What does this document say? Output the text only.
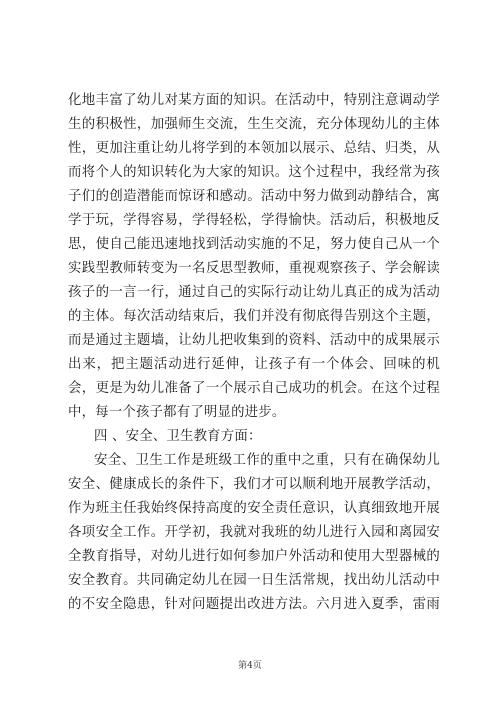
化地丰富了幼儿对某方面的知识。在活动中，特别注意调动学
生的积极性，加强师生交流，生生交流，充分体现幼儿的主体
性，更加注重让幼儿将学到的本领加以展示、总结、归类，从
而将个人的知识转化为大家的知识。这个过程中，我经常为孩
子们的创造潜能而惊讶和感动。活动中努力做到动静结合，寓
学于玩，学得容易，学得轻松，学得愉快。活动后，积极地反
思，使自己能迅速地找到活动实施的不足，努力使自己从一个
实践型教师转变为一名反思型教师，重视观察孩子、学会解读
孩子的一言一行，通过自己的实际行动让幼儿真正的成为活动
的主体。每次活动结束后，我们并没有彻底得告别这个主题，
而是通过主题墙，让幼儿把收集到的资料、活动中的成果展示
出来，把主题活动进行延伸，让孩子有一个体会、回味的机
会，更是为幼儿准备了一个展示自己成功的机会。在这个过程
中，每一个孩子都有了明显的进步。
四 、安全、卫生教育方面：
安全、卫生工作是班级工作的重中之重，只有在确保幼儿
安全、健康成长的条件下，我们才可以顺利地开展教学活动，
作为班主任我始终保持高度的安全责任意识，认真细致地开展
各项安全工作。开学初，我就对我班的幼儿进行入园和离园安
全教育指导，对幼儿进行如何参加户外活动和使用大型器械的
安全教育。共同确定幼儿在园一日生活常规，找出幼儿活动中
的不安全隐患，针对问题提出改进方法。六月进入夏季，雷雨
第4页
